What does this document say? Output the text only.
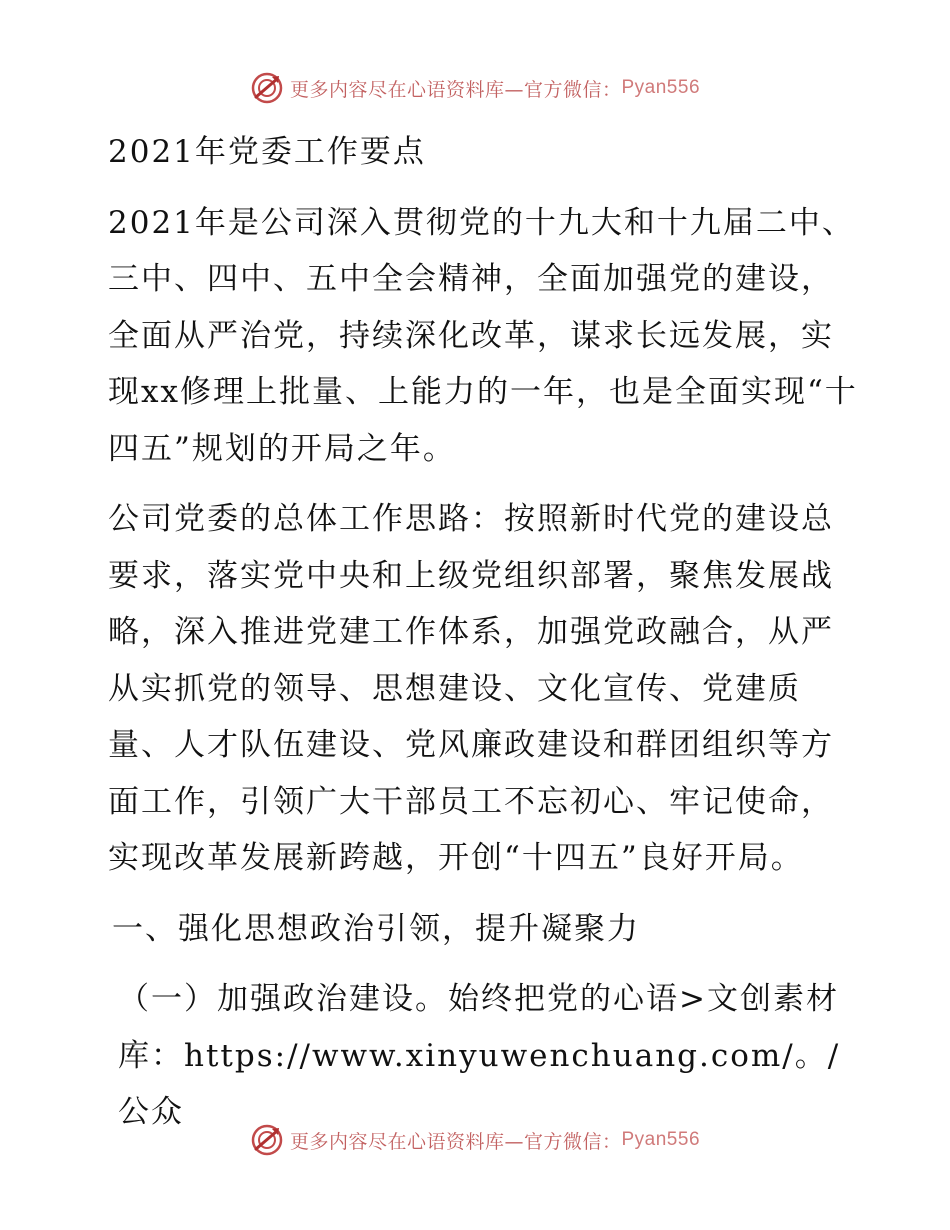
更多内容尽在心语资料库—官方微信： Pyan556

2021年党委工作要点

2021年是公司深入贯彻党的十九大和十九届二中、三中、四中、五中全会精神，全面加强党的建设，全面从严治党，持续深化改革，谋求长远发展，实现xx修理上批量、上能力的一年，也是全面实现“十四五”规划的开局之年。

公司党委的总体工作思路：按照新时代党的建设总要求，落实党中央和上级党组织部署，聚焦发展战略，深入推进党建工作体系，加强党政融合，从严从实抓党的领导、思想建设、文化宣传、党建质量、人才队伍建设、党风廉政建设和群团组织等方面工作，引领广大干部员工不忘初心、牢记使命，实现改革发展新跨越，开创“十四五”良好开局。

一、强化思想政治引领，提升凝聚力

（一）加强政治建设。始终把党的心语>文创素材库：https://www.xinyuwenchuang.com/。/公众

更多内容尽在心语资料库—官方微信： Pyan556
